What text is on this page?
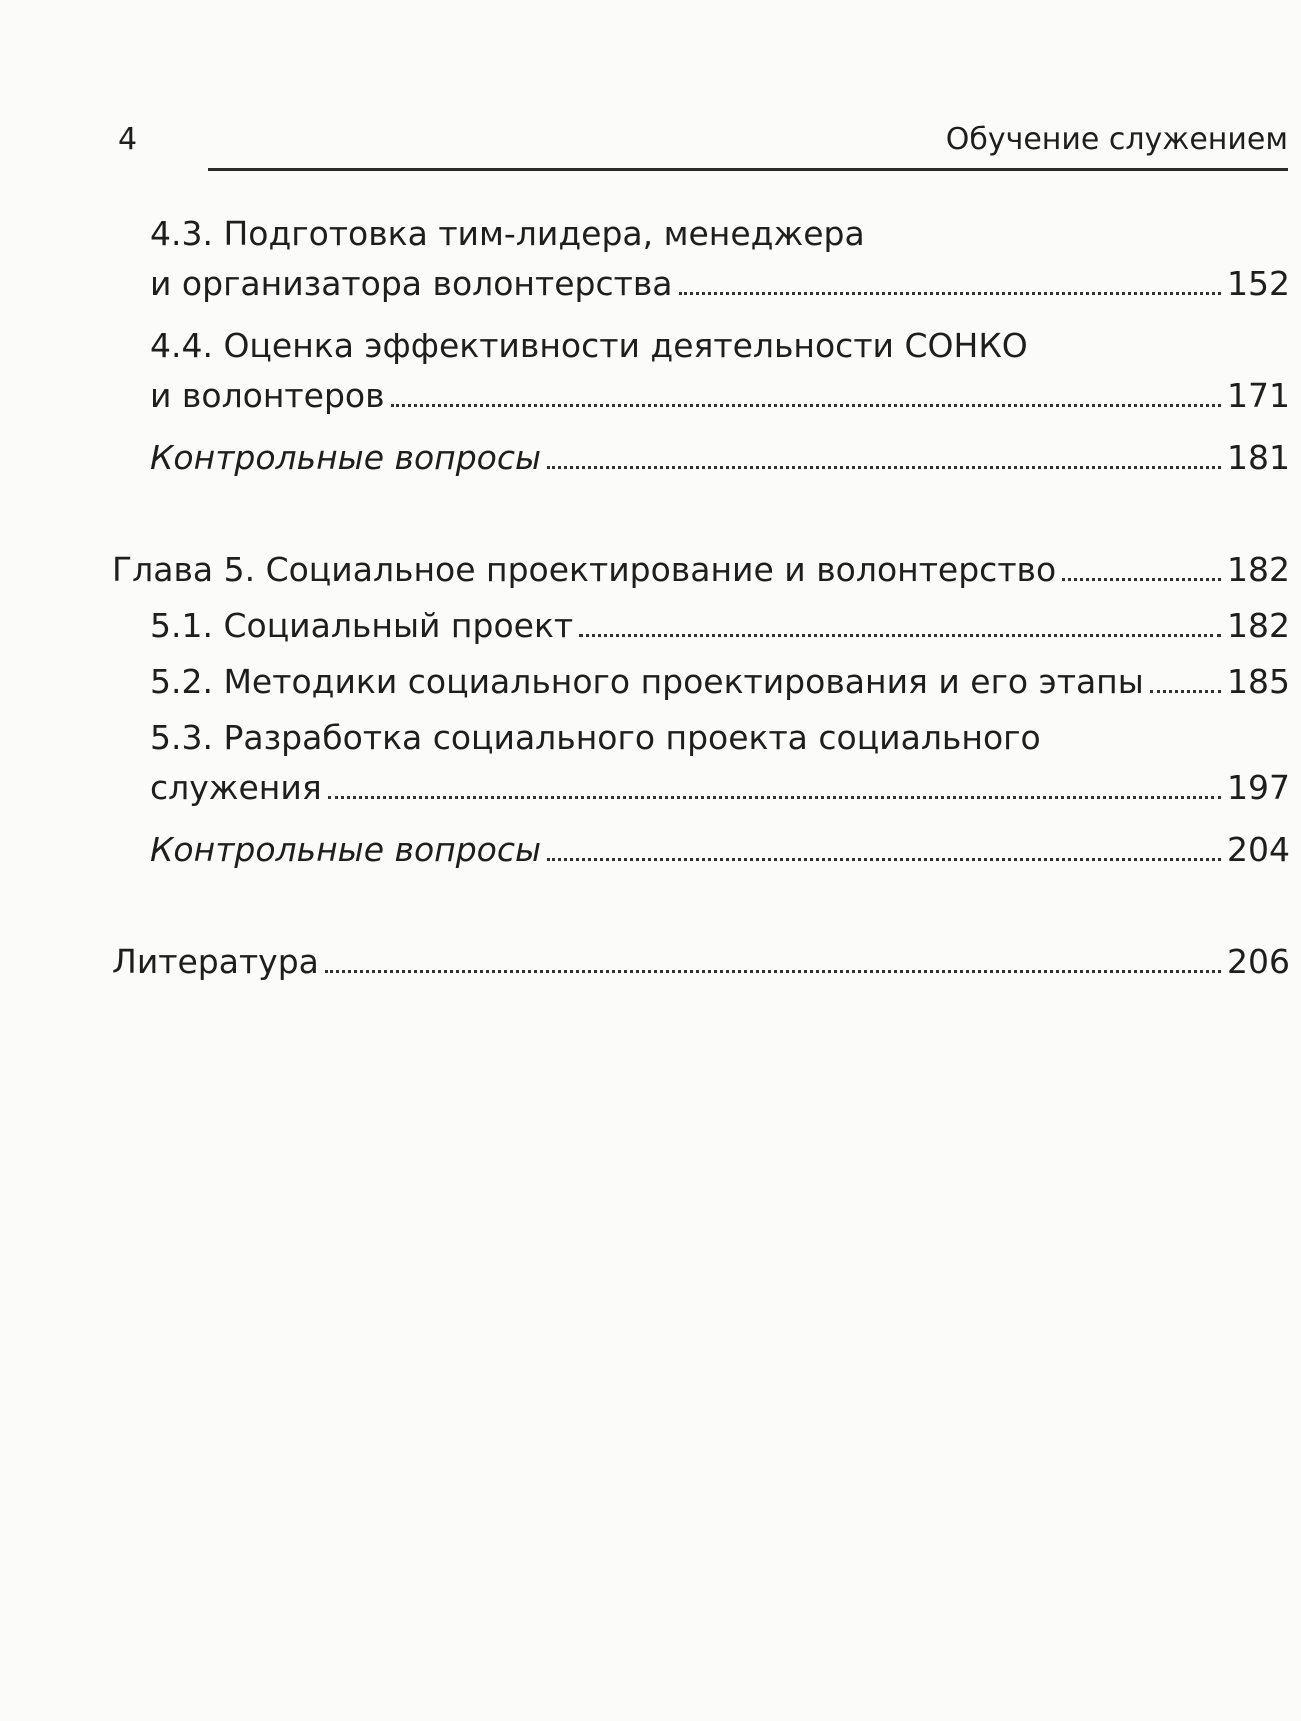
4	Обучение служением
4.3. Подготовка тим-лидера, менеджера
и организатора волонтерства	152
4.4. Оценка эффективности деятельности СОНКО
и волонтеров	171
Контрольные вопросы	181
Глава 5. Социальное проектирование и волонтерство	182
5.1. Социальный проект	182
5.2. Методики социального проектирования и его этапы	185
5.3. Разработка социального проекта социального
служения	197
Контрольные вопросы	204
Литература	206
